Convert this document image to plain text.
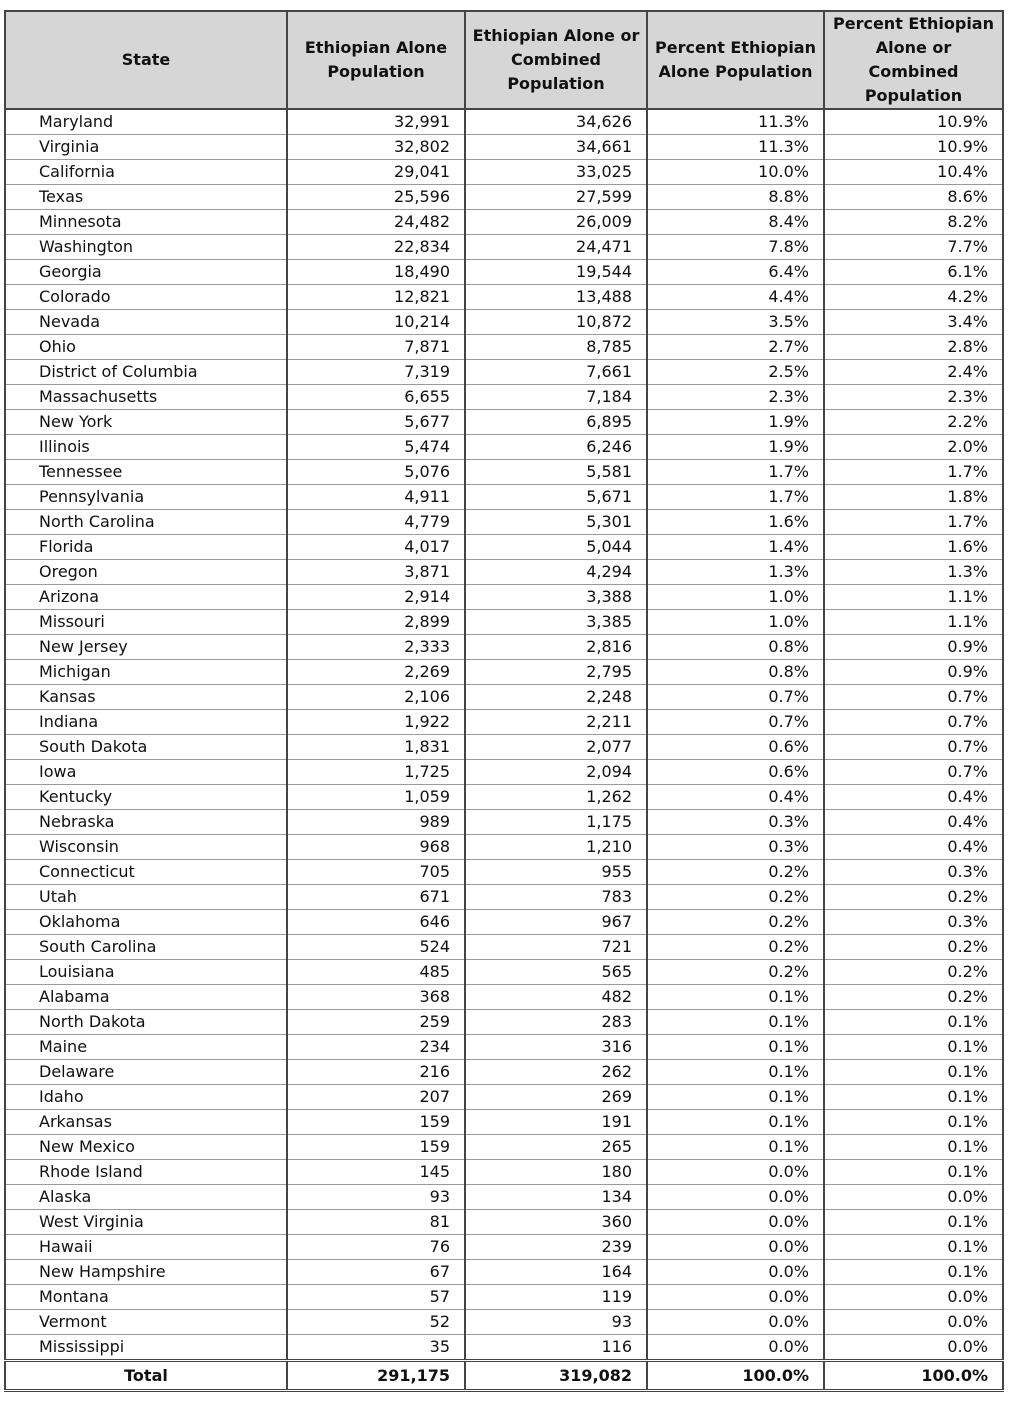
State	Ethiopian Alone Population	Ethiopian Alone or Combined Population	Percent Ethiopian Alone Population	Percent Ethiopian Alone or Combined Population
Maryland	32,991	34,626	11.3%	10.9%
Virginia	32,802	34,661	11.3%	10.9%
California	29,041	33,025	10.0%	10.4%
Texas	25,596	27,599	8.8%	8.6%
Minnesota	24,482	26,009	8.4%	8.2%
Washington	22,834	24,471	7.8%	7.7%
Georgia	18,490	19,544	6.4%	6.1%
Colorado	12,821	13,488	4.4%	4.2%
Nevada	10,214	10,872	3.5%	3.4%
Ohio	7,871	8,785	2.7%	2.8%
District of Columbia	7,319	7,661	2.5%	2.4%
Massachusetts	6,655	7,184	2.3%	2.3%
New York	5,677	6,895	1.9%	2.2%
Illinois	5,474	6,246	1.9%	2.0%
Tennessee	5,076	5,581	1.7%	1.7%
Pennsylvania	4,911	5,671	1.7%	1.8%
North Carolina	4,779	5,301	1.6%	1.7%
Florida	4,017	5,044	1.4%	1.6%
Oregon	3,871	4,294	1.3%	1.3%
Arizona	2,914	3,388	1.0%	1.1%
Missouri	2,899	3,385	1.0%	1.1%
New Jersey	2,333	2,816	0.8%	0.9%
Michigan	2,269	2,795	0.8%	0.9%
Kansas	2,106	2,248	0.7%	0.7%
Indiana	1,922	2,211	0.7%	0.7%
South Dakota	1,831	2,077	0.6%	0.7%
Iowa	1,725	2,094	0.6%	0.7%
Kentucky	1,059	1,262	0.4%	0.4%
Nebraska	989	1,175	0.3%	0.4%
Wisconsin	968	1,210	0.3%	0.4%
Connecticut	705	955	0.2%	0.3%
Utah	671	783	0.2%	0.2%
Oklahoma	646	967	0.2%	0.3%
South Carolina	524	721	0.2%	0.2%
Louisiana	485	565	0.2%	0.2%
Alabama	368	482	0.1%	0.2%
North Dakota	259	283	0.1%	0.1%
Maine	234	316	0.1%	0.1%
Delaware	216	262	0.1%	0.1%
Idaho	207	269	0.1%	0.1%
Arkansas	159	191	0.1%	0.1%
New Mexico	159	265	0.1%	0.1%
Rhode Island	145	180	0.0%	0.1%
Alaska	93	134	0.0%	0.0%
West Virginia	81	360	0.0%	0.1%
Hawaii	76	239	0.0%	0.1%
New Hampshire	67	164	0.0%	0.1%
Montana	57	119	0.0%	0.0%
Vermont	52	93	0.0%	0.0%
Mississippi	35	116	0.0%	0.0%
Total	291,175	319,082	100.0%	100.0%
